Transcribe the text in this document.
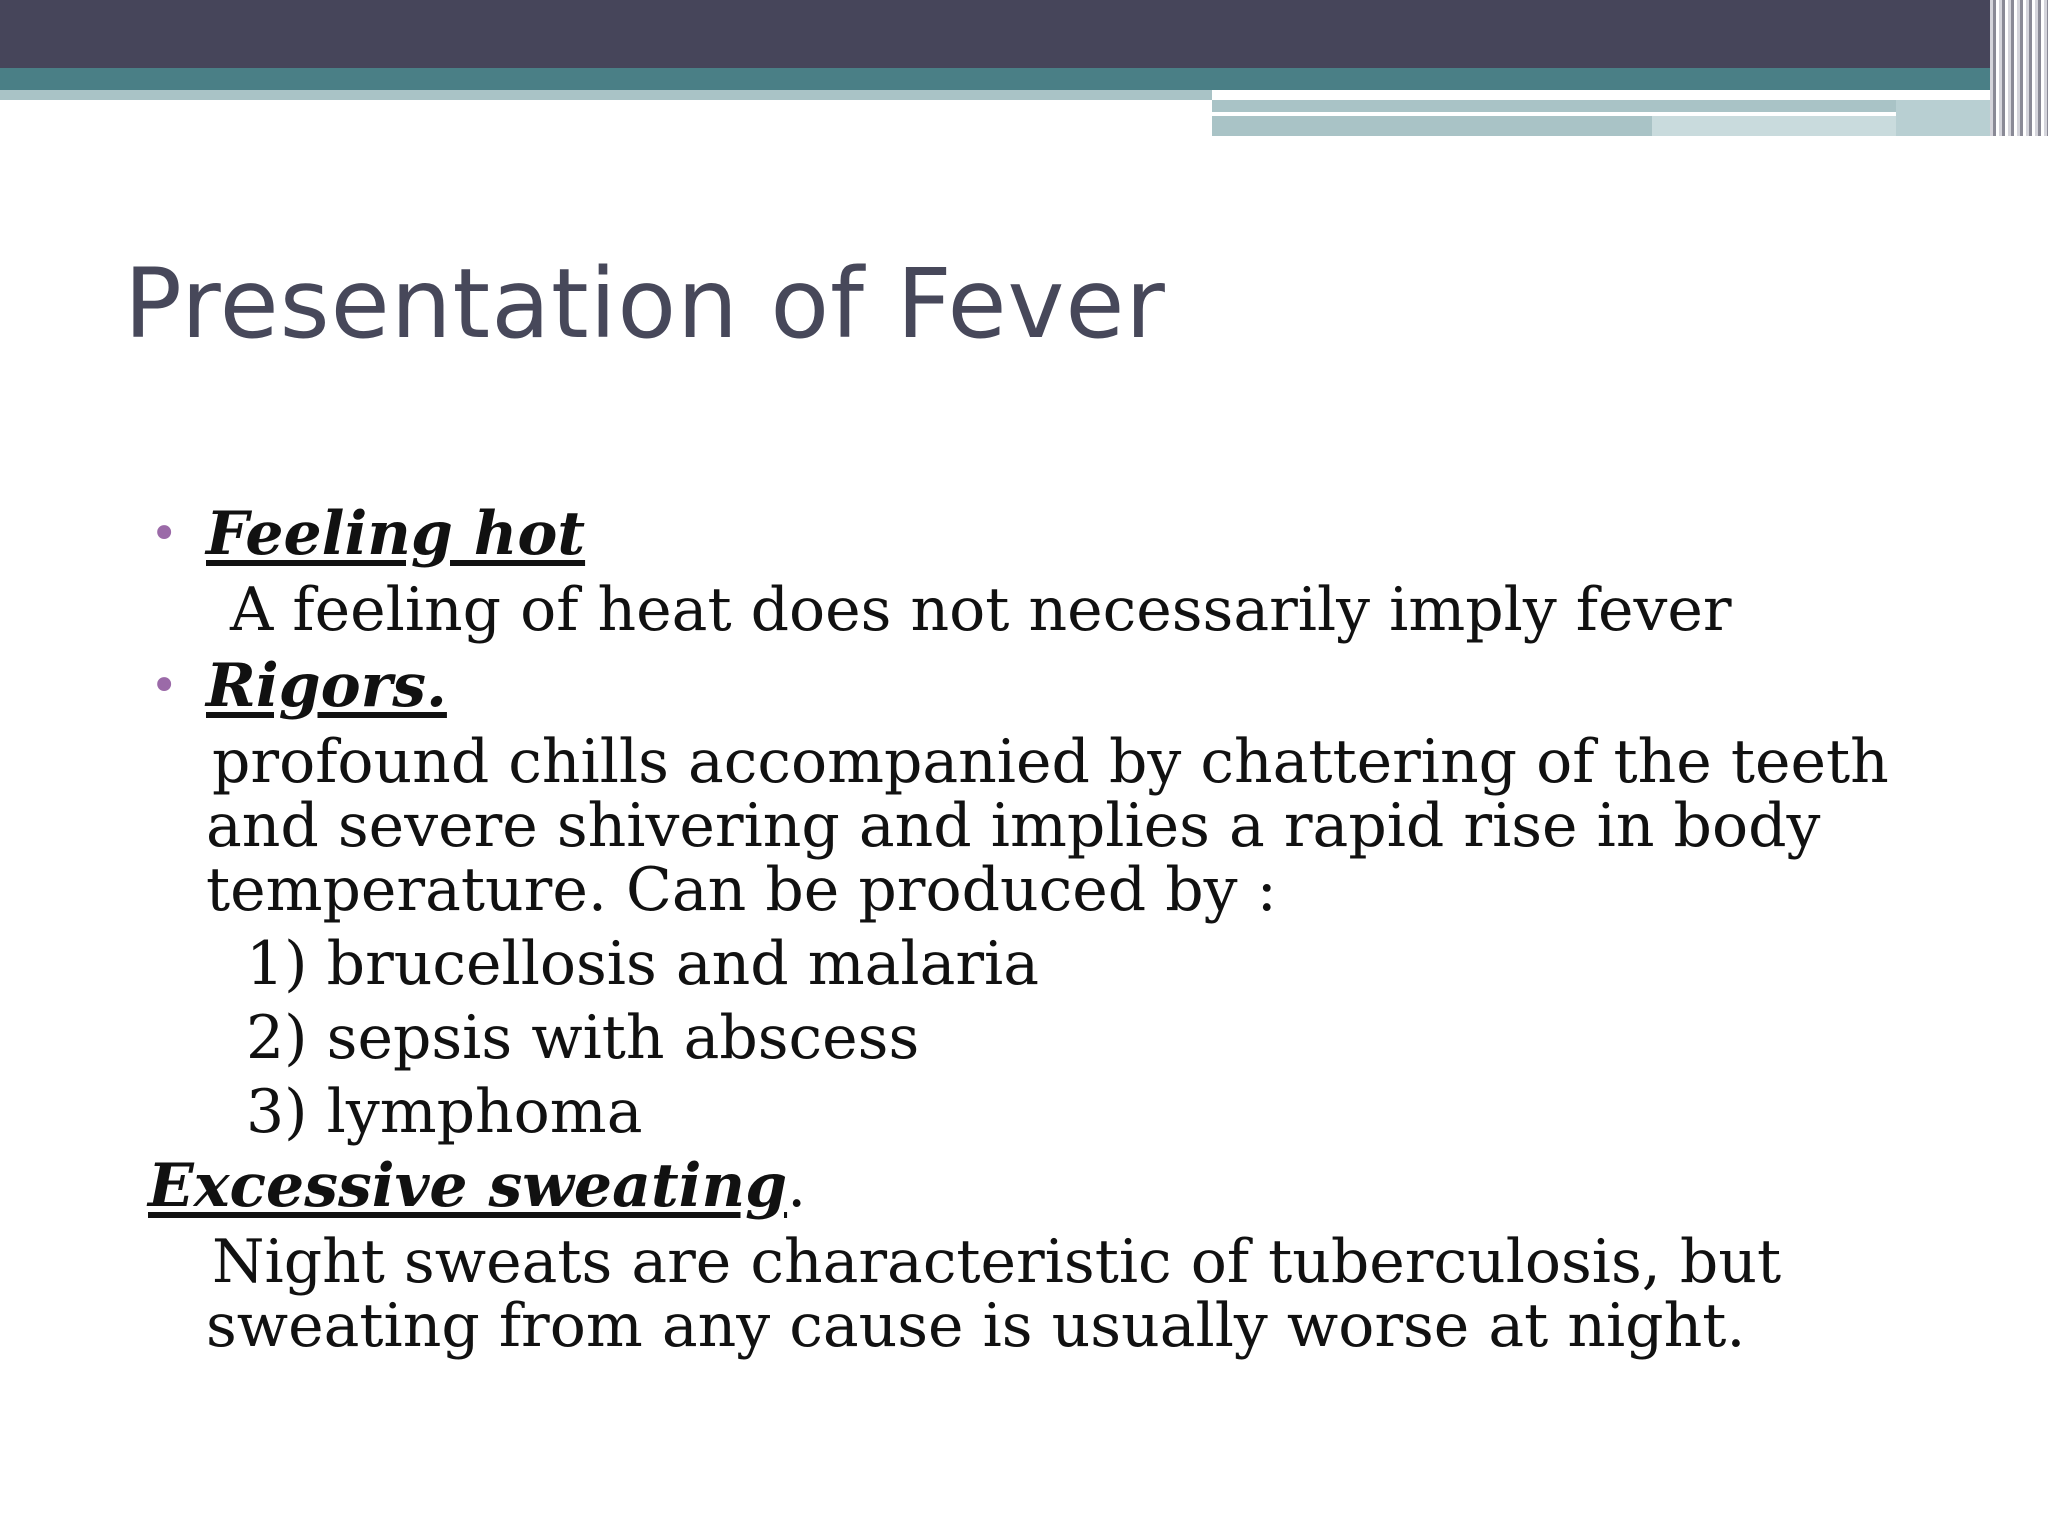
Presentation of Fever
• Feeling hot

A feeling of heat does not necessarily imply fever

• Rigors.

profound chills accompanied by chattering of the teeth

and severe shivering and implies a rapid rise in body

temperature. Can be produced by :

1) brucellosis and malaria

2) sepsis with abscess

3) lymphoma

Excessive sweating.

Night sweats are characteristic of tuberculosis, but

sweating from any cause is usually worse at night.
